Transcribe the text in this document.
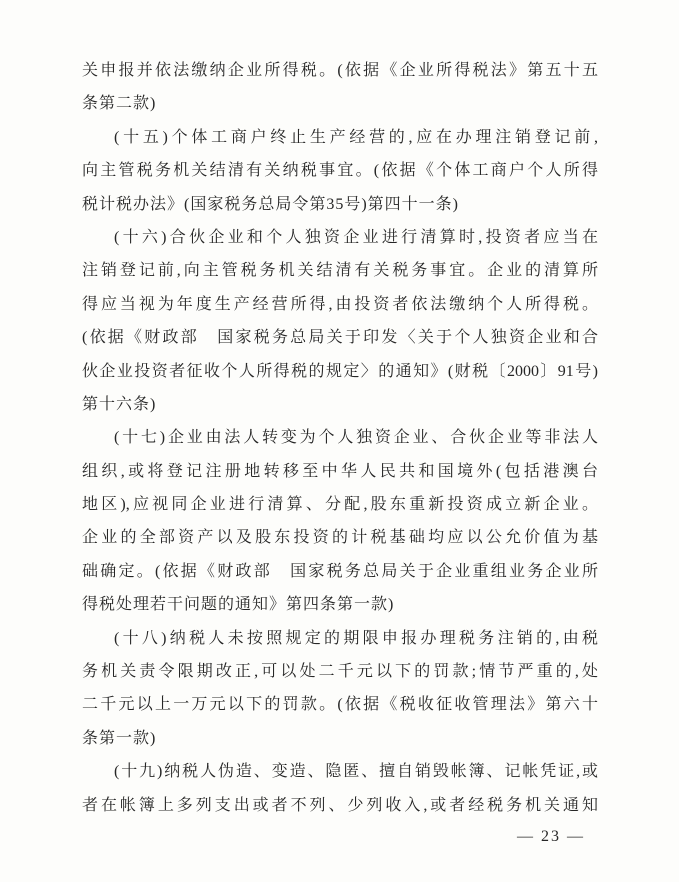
关申报并依法缴纳企业所得税。(依据《企业所得税法》第五十五
条第二款)
(十五)个体工商户终止生产经营的,应在办理注销登记前,
向主管税务机关结清有关纳税事宜。(依据《个体工商户个人所得
税计税办法》(国家税务总局令第35号)第四十一条)
(十六)合伙企业和个人独资企业进行清算时,投资者应当在
注销登记前,向主管税务机关结清有关税务事宜。企业的清算所
得应当视为年度生产经营所得,由投资者依法缴纳个人所得税。
(依据《财政部　国家税务总局关于印发〈关于个人独资企业和合
伙企业投资者征收个人所得税的规定〉的通知》(财税〔2000〕91号)
第十六条)
(十七)企业由法人转变为个人独资企业、合伙企业等非法人
组织,或将登记注册地转移至中华人民共和国境外(包括港澳台
地区),应视同企业进行清算、分配,股东重新投资成立新企业。
企业的全部资产以及股东投资的计税基础均应以公允价值为基
础确定。(依据《财政部　国家税务总局关于企业重组业务企业所
得税处理若干问题的通知》第四条第一款)
(十八)纳税人未按照规定的期限申报办理税务注销的,由税
务机关责令限期改正,可以处二千元以下的罚款;情节严重的,处
二千元以上一万元以下的罚款。(依据《税收征收管理法》第六十
条第一款)
(十九)纳税人伪造、变造、隐匿、擅自销毁帐簿、记帐凭证,或
者在帐簿上多列支出或者不列、少列收入,或者经税务机关通知
— 23 —
